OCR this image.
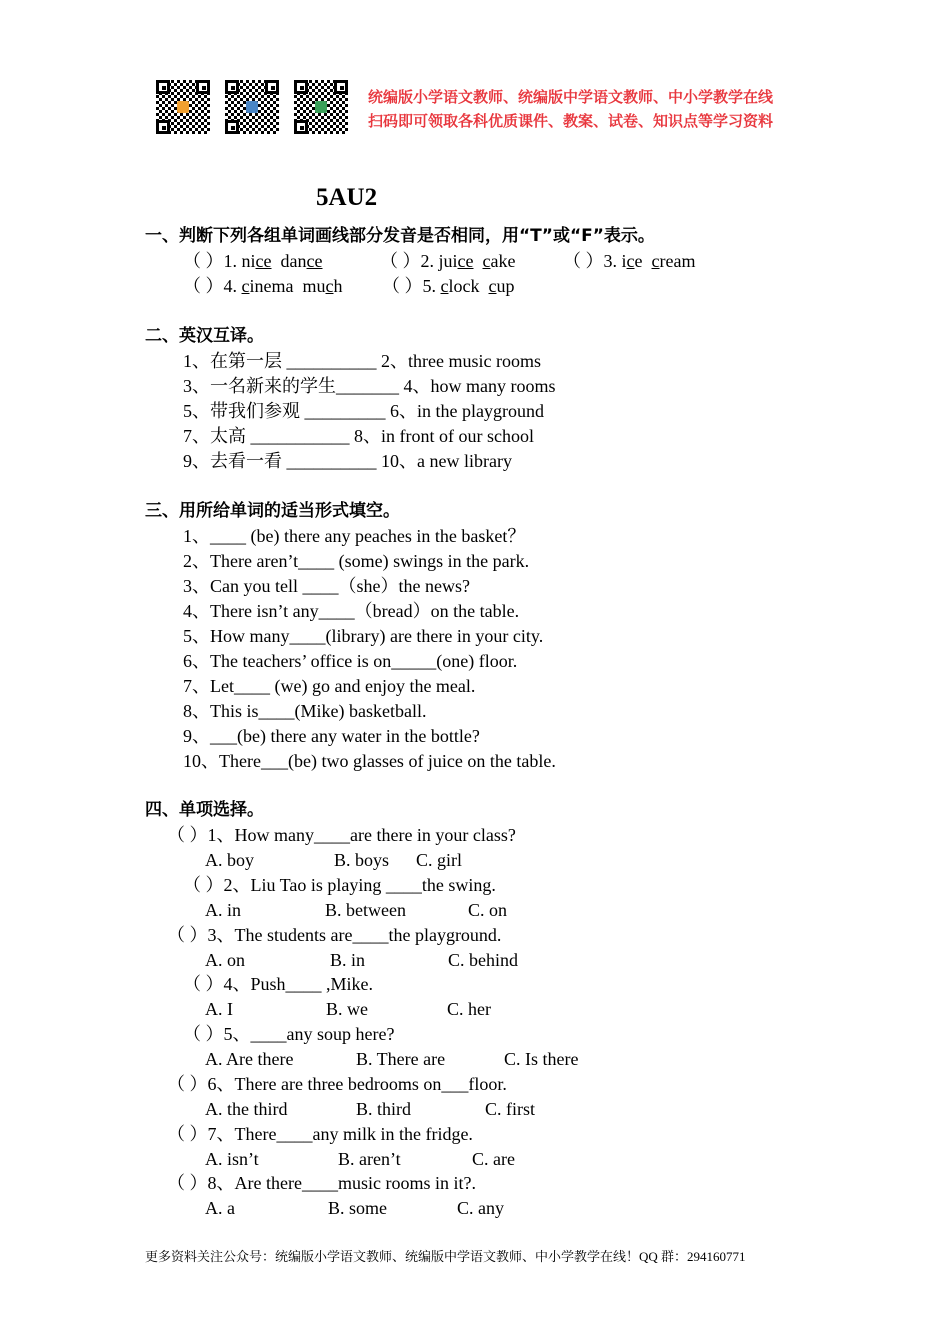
统编版小学语文教师、统编版中学语文教师、中小学教学在线
扫码即可领取各科优质课件、教案、试卷、知识点等学习资料
5AU2
一、判断下列各组单词画线部分发音是否相同，用“T”或“F”表示。
（ ）1. nice dance	（ ）2. juice cake	（ ）3. ice cream
（ ）4. cinema much （ ）5. clock cup
二、英汉互译。
1、在第一层 __________ 2、three music rooms
3、一名新来的学生_______ 4、how many rooms
5、带我们参观 _________ 6、in the playground
7、太高 ___________ 8、in front of our school
9、去看一看 __________ 10、a new library
三、用所给单词的适当形式填空。
1、____ (be) there any peaches in the basket？
2、There aren’t____ (some) swings in the park.
3、Can you tell ____（she）the news?
4、There isn’t any____（bread）on the table.
5、How many____(library) are there in your city.
6、The teachers’ office is on_____(one) floor.
7、Let____ (we) go and enjoy the meal.
8、This is____(Mike) basketball.
9、___(be) there any water in the bottle?
10、There___(be) two glasses of juice on the table.
四、单项选择。
（ ）1、How many____are there in your class?
A. boy	B. boys C. girl
（ ）2、Liu Tao is playing ____the swing.
A. in	B. between	C. on
（ ）3、The students are____the playground.
A. on	B. in	C. behind
（ ）4、Push____ ,Mike.
A. I	B. we	C. her
（ ）5、____any soup here?
A. Are there	B. There are	C. Is there
（ ）6、There are three bedrooms on___floor.
A. the third	B. third	C. first
（ ）7、There____any milk in the fridge.
A. isn’t	B. aren’t	C. are
（ ）8、Are there____music rooms in it?.
A. a	B. some	C. any
更多资料关注公众号：统编版小学语文教师、统编版中学语文教师、中小学教学在线！QQ 群：294160771
